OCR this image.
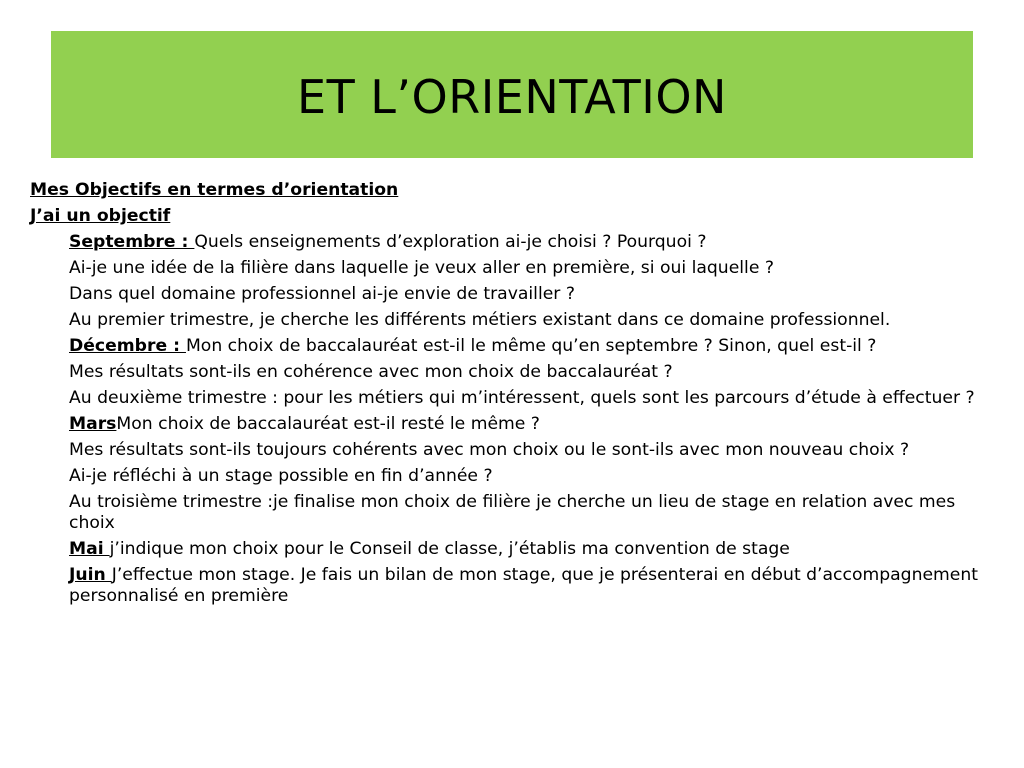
ET L’ORIENTATION
Mes Objectifs en termes d’orientation
J’ai un objectif
Septembre : Quels enseignements d’exploration ai-je choisi ? Pourquoi ?
Ai-je une idée de la filière dans laquelle je veux aller en première, si oui laquelle ?
Dans quel domaine professionnel ai-je envie de travailler ?
Au premier trimestre, je cherche les différents métiers existant dans ce domaine professionnel.
Décembre : Mon choix de baccalauréat est-il le même qu’en septembre ? Sinon, quel est-il ?
Mes résultats sont-ils en cohérence avec mon choix de baccalauréat ?
Au deuxième trimestre : pour les métiers qui m’intéressent, quels sont les parcours d’étude à effectuer ?
MarsMon choix de baccalauréat est-il resté le même ?
Mes résultats sont-ils toujours cohérents avec mon choix ou le sont-ils avec mon nouveau choix ?
Ai-je réfléchi à un stage possible en fin d’année ?
Au troisième trimestre :je finalise mon choix de filière je cherche un lieu de stage en relation avec mes choix
Mai j’indique mon choix pour le Conseil de classe, j’établis ma convention de stage
Juin J’effectue mon stage. Je fais un bilan de mon stage, que je présenterai en début d’accompagnement personnalisé en première
